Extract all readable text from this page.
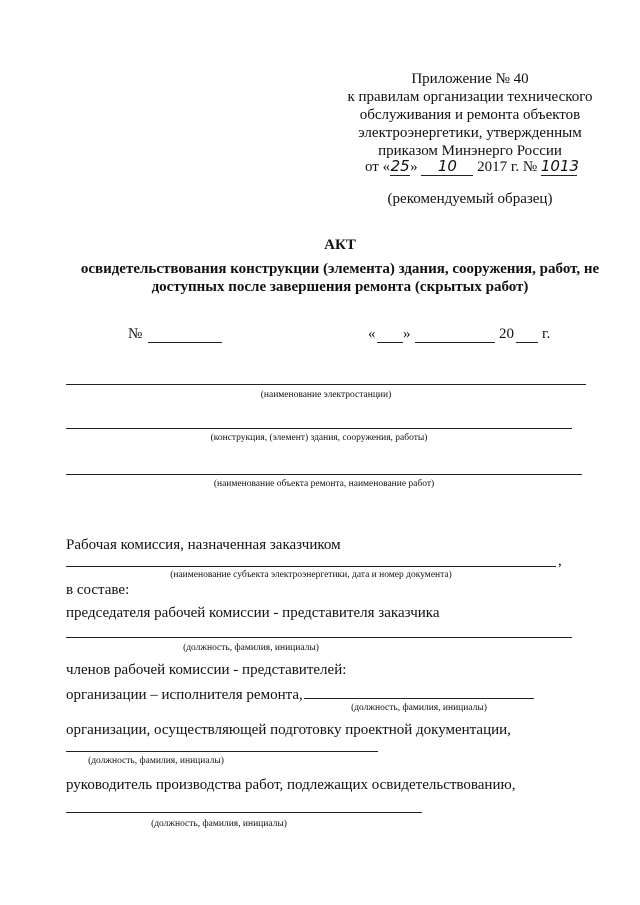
Приложение № 40
к правилам организации технического
обслуживания и ремонта объектов
электроэнергетики, утвержденным
приказом Минэнерго России
от «25» 10 2017 г. № 1013
(рекомендуемый образец)
АКТ
освидетельствования конструкции (элемента) здания, сооружения, работ, не
доступных после завершения ремонта (скрытых работ)
№	« »	20 г.
(наименование электростанции)
(конструкция, (элемент) здания, сооружения, работы)
(наименование объекта ремонта, наименование работ)
Рабочая комиссия, назначенная заказчиком
,
(наименование субъекта электроэнергетики, дата и номер документа)
в составе:
председателя рабочей комиссии - представителя заказчика
(должность, фамилия, инициалы)
членов рабочей комиссии - представителей:
организации – исполнителя ремонта,
(должность, фамилия, инициалы)
организации, осуществляющей подготовку проектной документации,
(должность, фамилия, инициалы)
руководитель производства работ, подлежащих освидетельствованию,
(должность, фамилия, инициалы)
